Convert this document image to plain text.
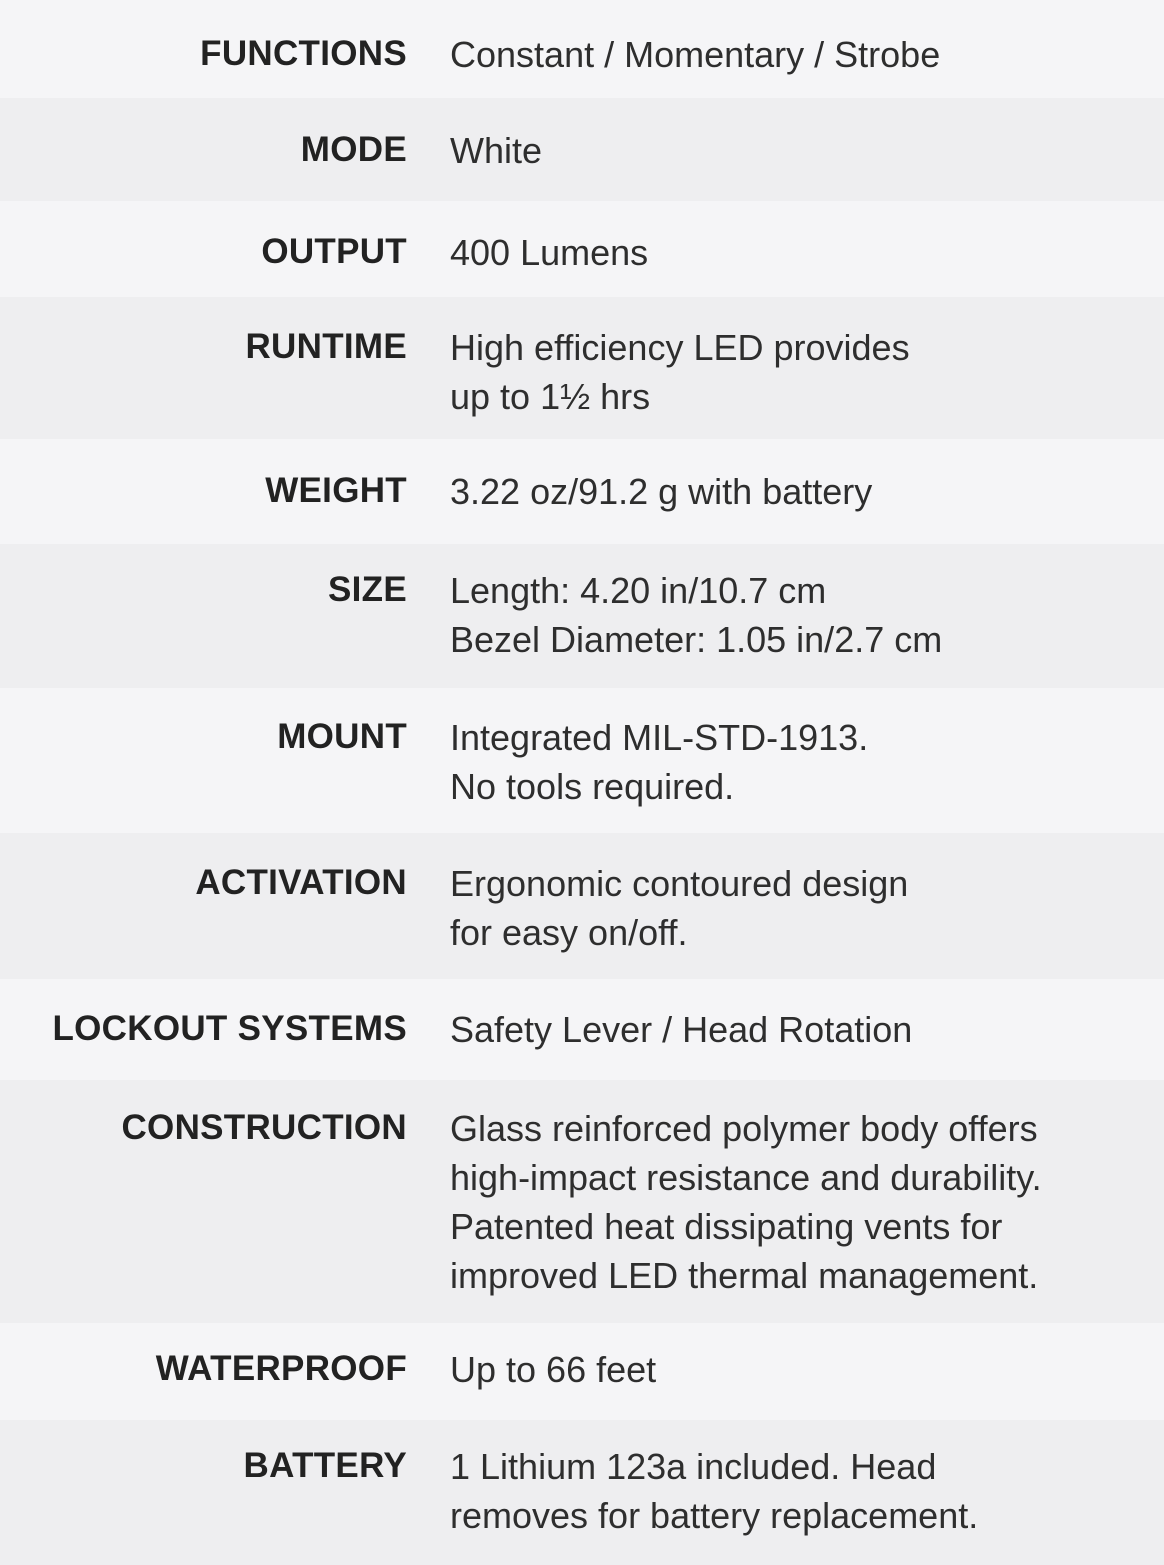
FUNCTIONS	Constant / Momentary / Strobe
MODE	White
OUTPUT	400 Lumens
RUNTIME	High efficiency LED provides
up to 1½ hrs
WEIGHT	3.22 oz/91.2 g with battery
SIZE	Length: 4.20 in/10.7 cm
Bezel Diameter: 1.05 in/2.7 cm
MOUNT	Integrated MIL-STD-1913.
No tools required.
ACTIVATION	Ergonomic contoured design
for easy on/off.
LOCKOUT SYSTEMS	Safety Lever / Head Rotation
CONSTRUCTION	Glass reinforced polymer body offers
high-impact resistance and durability.
Patented heat dissipating vents for
improved LED thermal management.
WATERPROOF	Up to 66 feet
BATTERY	1 Lithium 123a included. Head
removes for battery replacement.
